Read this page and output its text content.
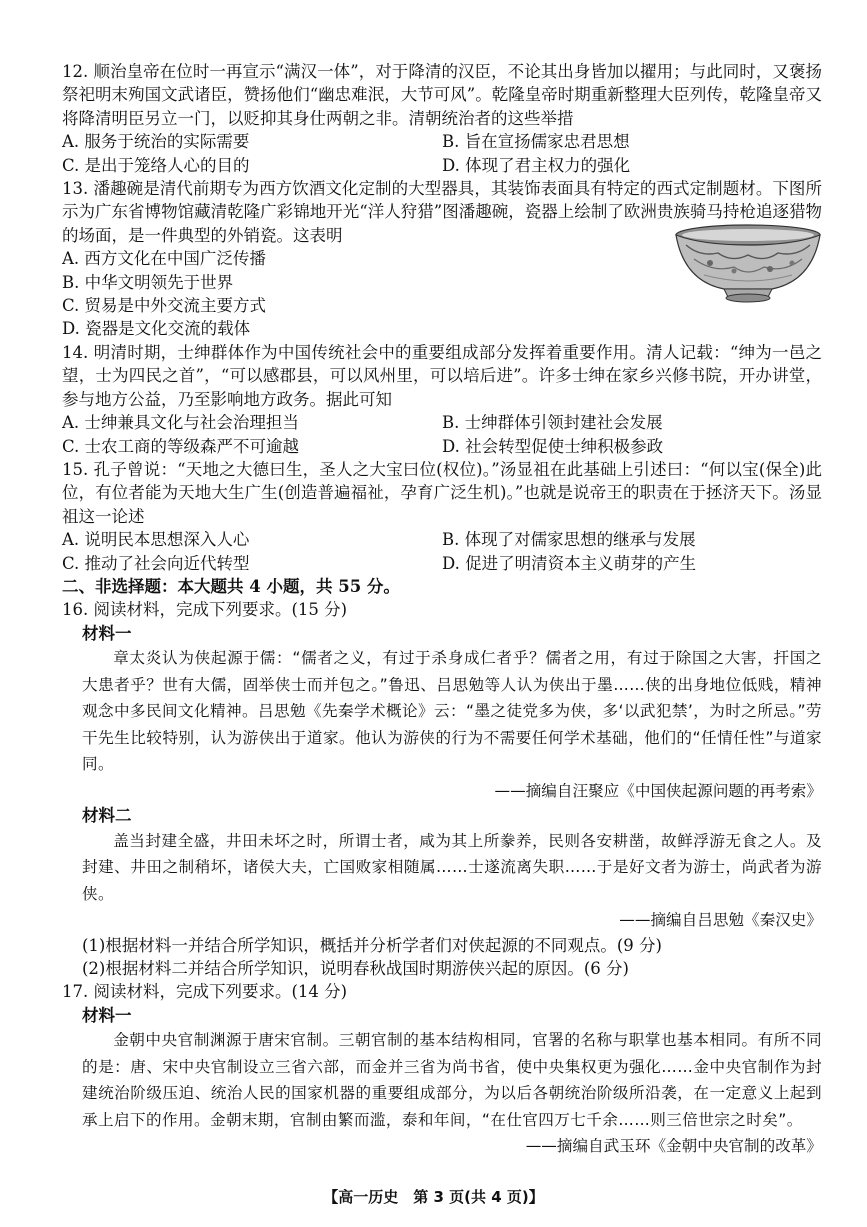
12. 顺治皇帝在位时一再宣示“满汉一体”，对于降清的汉臣，不论其出身皆加以擢用；与此同时，又褒扬祭祀明末殉国文武诸臣，赞扬他们“幽忠难泯，大节可风”。乾隆皇帝时期重新整理大臣列传，乾隆皇帝又将降清明臣另立一门，以贬抑其身仕两朝之非。清朝统治者的这些举措

A. 服务于统治的实际需要	B. 旨在宣扬儒家忠君思想

C. 是出于笼络人心的目的	D. 体现了君主权力的强化

13. 潘趣碗是清代前期专为西方饮酒文化定制的大型器具，其装饰表面具有特定的西式定制题材。下图所示为广东省博物馆藏清乾隆广彩锦地开光“洋人狩猎”图潘趣碗，瓷器上绘制了欧洲贵族骑马持枪追逐猎物的场面，是一件典型的外销瓷。这表明

A. 西方文化在中国广泛传播

B. 中华文明领先于世界

C. 贸易是中外交流主要方式

D. 瓷器是文化交流的载体

14. 明清时期，士绅群体作为中国传统社会中的重要组成部分发挥着重要作用。清人记载：“绅为一邑之望，士为四民之首”，“可以感郡县，可以风州里，可以培后进”。许多士绅在家乡兴修书院，开办讲堂，参与地方公益，乃至影响地方政务。据此可知

A. 士绅兼具文化与社会治理担当	B. 士绅群体引领封建社会发展

C. 士农工商的等级森严不可逾越	D. 社会转型促使士绅积极参政

15. 孔子曾说：“天地之大德曰生，圣人之大宝曰位(权位)。”汤显祖在此基础上引述曰：“何以宝(保全)此位，有位者能为天地大生广生(创造普遍福祉，孕育广泛生机)。”也就是说帝王的职责在于拯济天下。汤显祖这一论述

A. 说明民本思想深入人心	B. 体现了对儒家思想的继承与发展

C. 推动了社会向近代转型	D. 促进了明清资本主义萌芽的产生

二、非选择题：本大题共 4 小题，共 55 分。

16. 阅读材料，完成下列要求。(15 分)

材料一

章太炎认为侠起源于儒：“儒者之义，有过于杀身成仁者乎？儒者之用，有过于除国之大害，扞国之大患者乎？世有大儒，固举侠士而并包之。”鲁迅、吕思勉等人认为侠出于墨……侠的出身地位低贱，精神观念中多民间文化精神。吕思勉《先秦学术概论》云：“墨之徒党多为侠，多‘以武犯禁’，为时之所忌。”劳干先生比较特别，认为游侠出于道家。他认为游侠的行为不需要任何学术基础，他们的“任情任性”与道家同。

——摘编自汪聚应《中国侠起源问题的再考索》

材料二

盖当封建全盛，井田未坏之时，所谓士者，咸为其上所豢养，民则各安耕凿，故鲜浮游无食之人。及封建、井田之制稍坏，诸侯大夫，亡国败家相随属……士遂流离失职……于是好文者为游士，尚武者为游侠。

——摘编自吕思勉《秦汉史》

(1)根据材料一并结合所学知识，概括并分析学者们对侠起源的不同观点。(9 分)

(2)根据材料二并结合所学知识，说明春秋战国时期游侠兴起的原因。(6 分)

17. 阅读材料，完成下列要求。(14 分)

材料一

金朝中央官制渊源于唐宋官制。三朝官制的基本结构相同，官署的名称与职掌也基本相同。有所不同的是：唐、宋中央官制设立三省六部，而金并三省为尚书省，使中央集权更为强化……金中央官制作为封建统治阶级压迫、统治人民的国家机器的重要组成部分，为以后各朝统治阶级所沿袭，在一定意义上起到承上启下的作用。金朝末期，官制由繁而滥，泰和年间，“在仕官四万七千余……则三倍世宗之时矣”。

——摘编自武玉环《金朝中央官制的改革》

【高一历史　第 3 页(共 4 页)】
